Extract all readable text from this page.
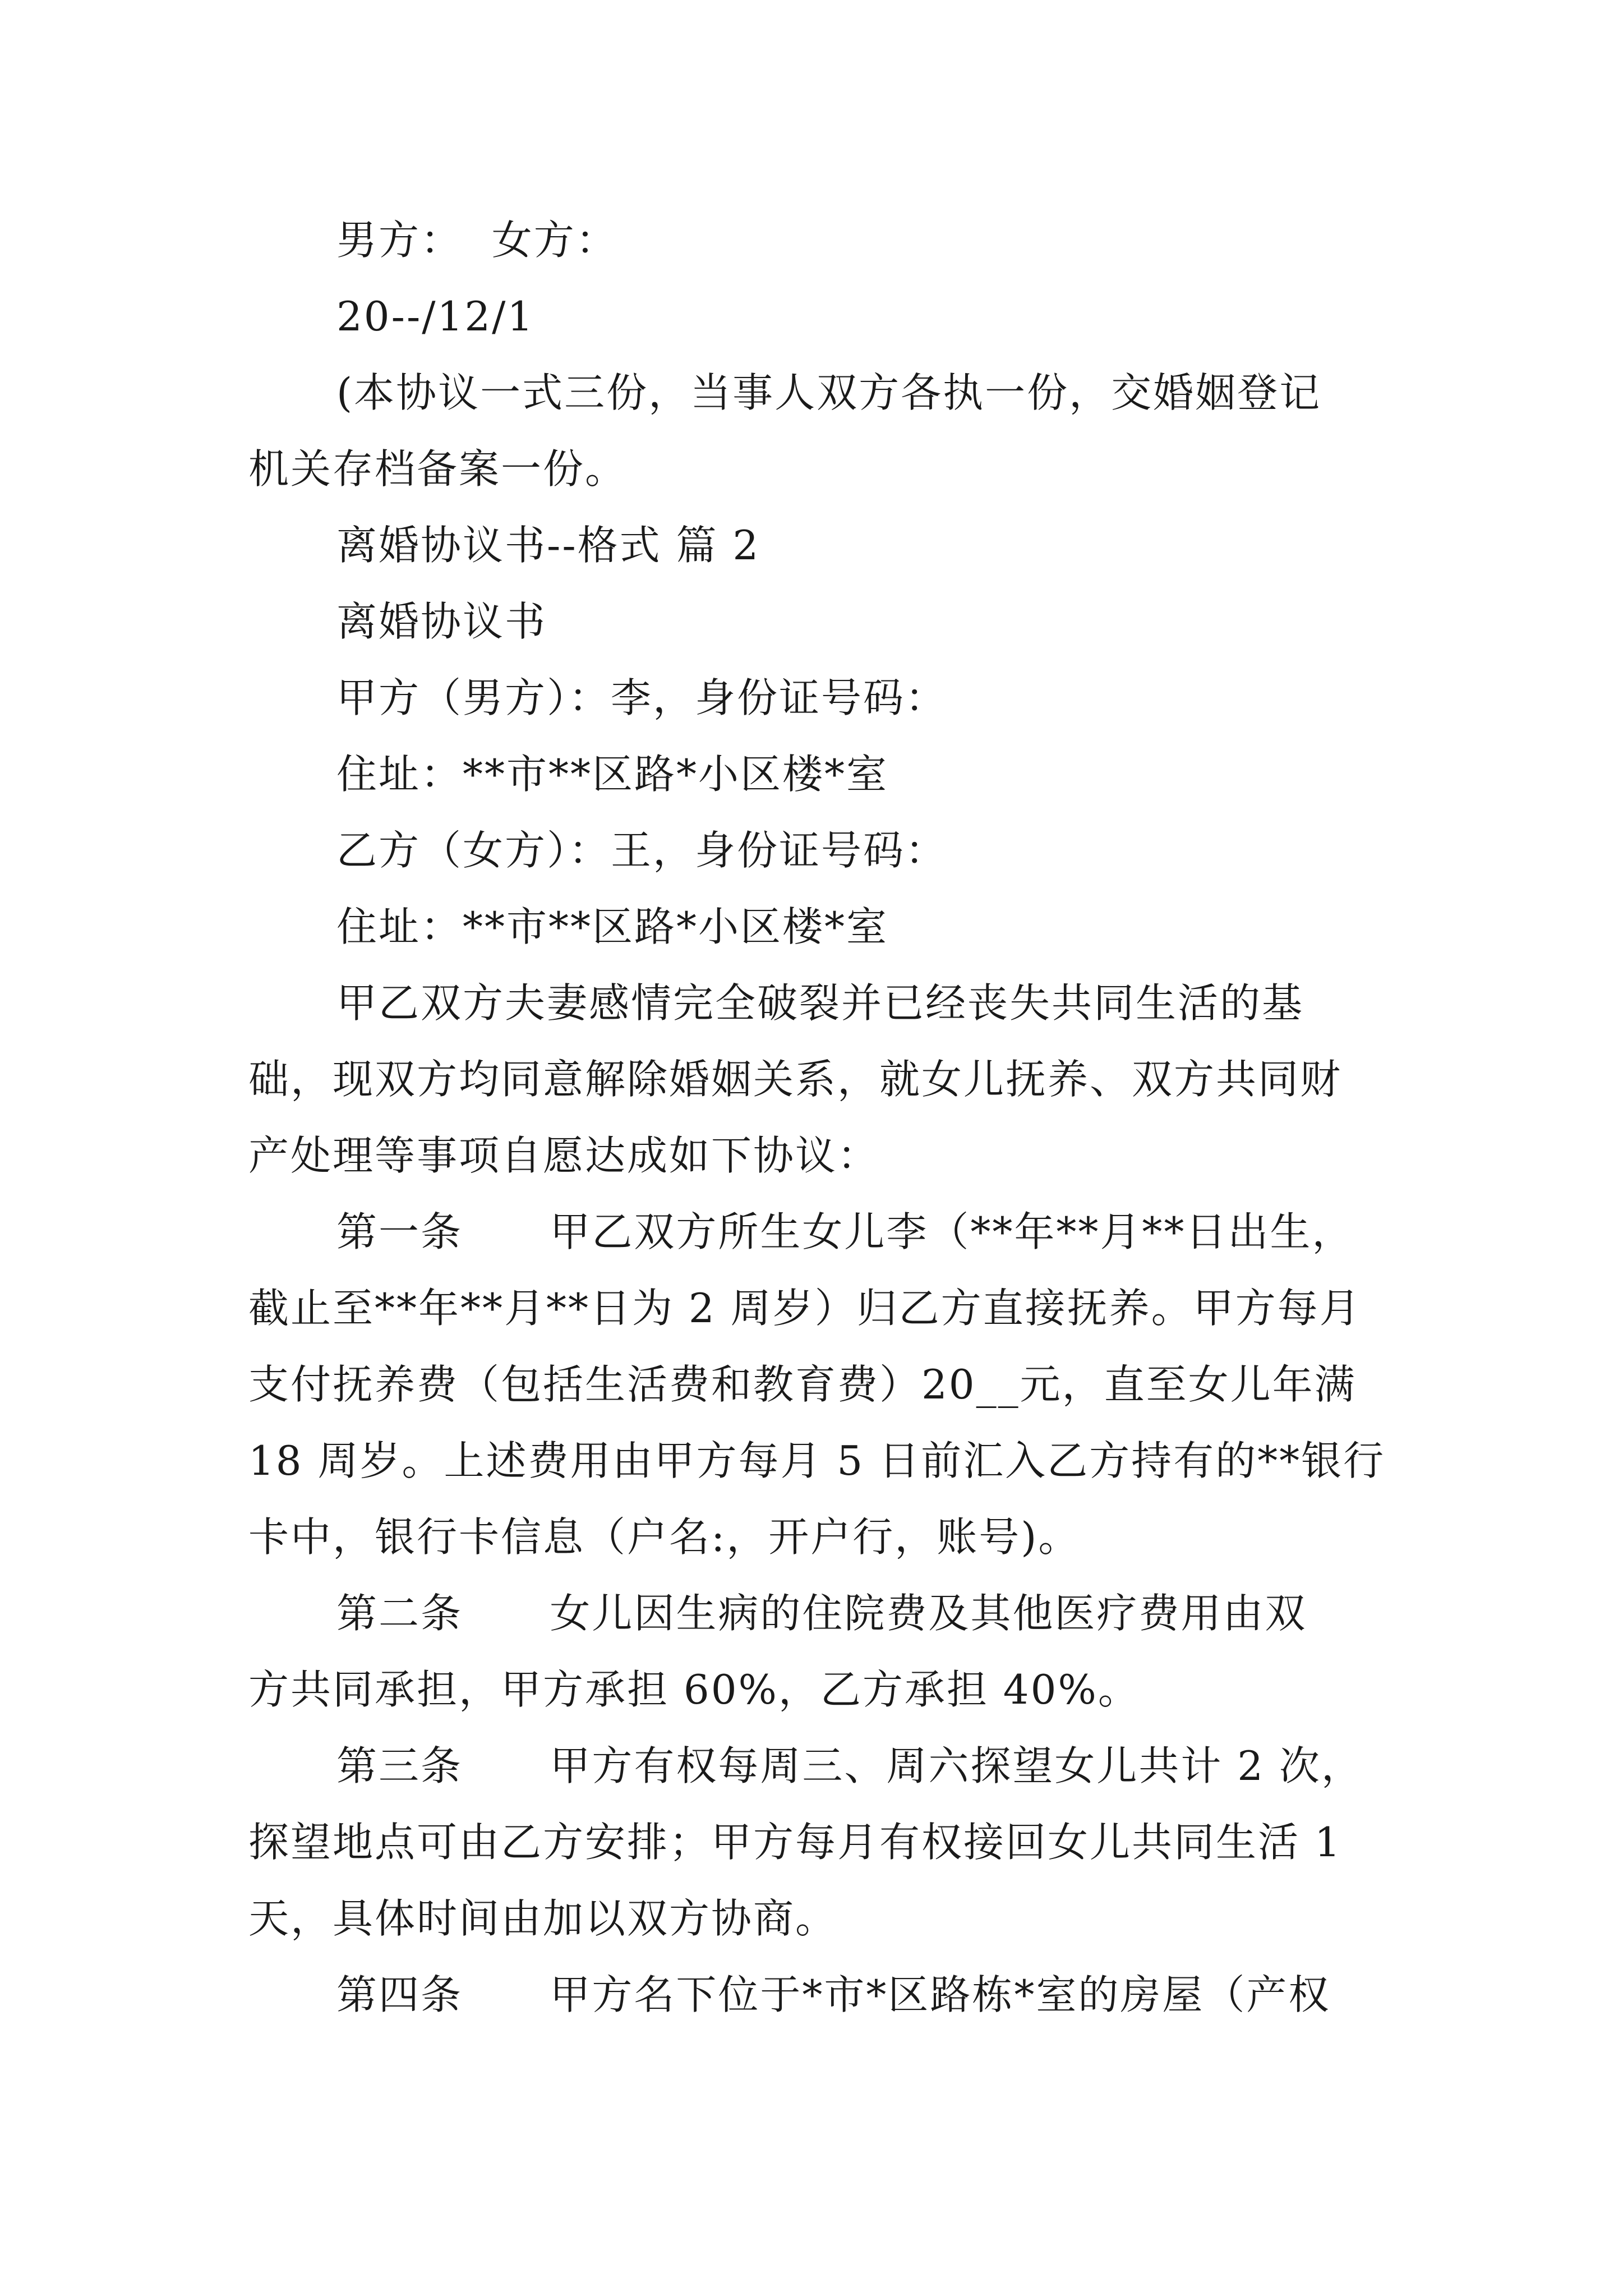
男方：  女方：
20--/12/1
(本协议一式三份，当事人双方各执一份，交婚姻登记
机关存档备案一份。
离婚协议书--格式 篇 2
离婚协议书
甲方（男方）：李，身份证号码：
住址：**市**区路*小区楼*室
乙方（女方）：王，身份证号码：
住址：**市**区路*小区楼*室
甲乙双方夫妻感情完全破裂并已经丧失共同生活的基
础，现双方均同意解除婚姻关系，就女儿抚养、双方共同财
产处理等事项自愿达成如下协议：
第一条      甲乙双方所生女儿李（**年**月**日出生，
截止至**年**月**日为 2 周岁）归乙方直接抚养。甲方每月
支付抚养费（包括生活费和教育费）20__元，直至女儿年满
18 周岁。上述费用由甲方每月 5 日前汇入乙方持有的**银行
卡中，银行卡信息（户名:，开户行，账号)。
第二条      女儿因生病的住院费及其他医疗费用由双
方共同承担，甲方承担 60%，乙方承担 40%。
第三条      甲方有权每周三、周六探望女儿共计 2 次，
探望地点可由乙方安排；甲方每月有权接回女儿共同生活 1
天，具体时间由加以双方协商。
第四条      甲方名下位于*市*区路栋*室的房屋（产权
